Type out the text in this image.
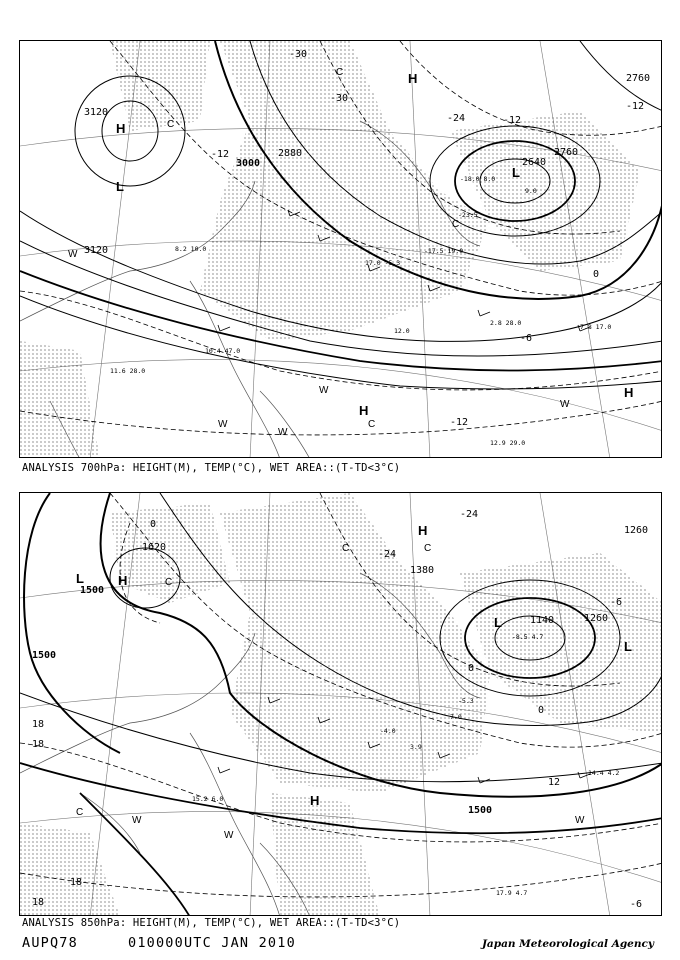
3000
2880
2640
2760
2760
3120
3120
-30
-30
-24	-12
-12
-12
-6
0
-12
H
H
H
H
L
L
W
W
W
W
W
C
C
C
C
11.6 28.0
10.4 47.0
8.2 10.0
17.0 -5.3
-17.5 19.0
2.8 28.0	7.8 17.0
12.9 29.0
-18.0 8.0
-23.5
9.0
12.0
ANALYSIS 700hPa: HEIGHT(M), TEMP(°C), WET AREA::(T-TD<3°C)
1620
1500
1500
1380
1140	1260
1260
1500
0
-24
-24
-6
18
18
18
18
12
0
0
-6
H
H
H
L
L
L
C
C	C
C
W
W
W
15.2 6.0
14.4 4.2
17.9 4.7
-8.5 4.7
-5.3
7.0
-4.0
3.9
ANALYSIS 850hPa: HEIGHT(M), TEMP(°C), WET AREA::(T-TD<3°C)
AUPQ78	010000UTC JAN 2010	Japan Meteorological Agency
